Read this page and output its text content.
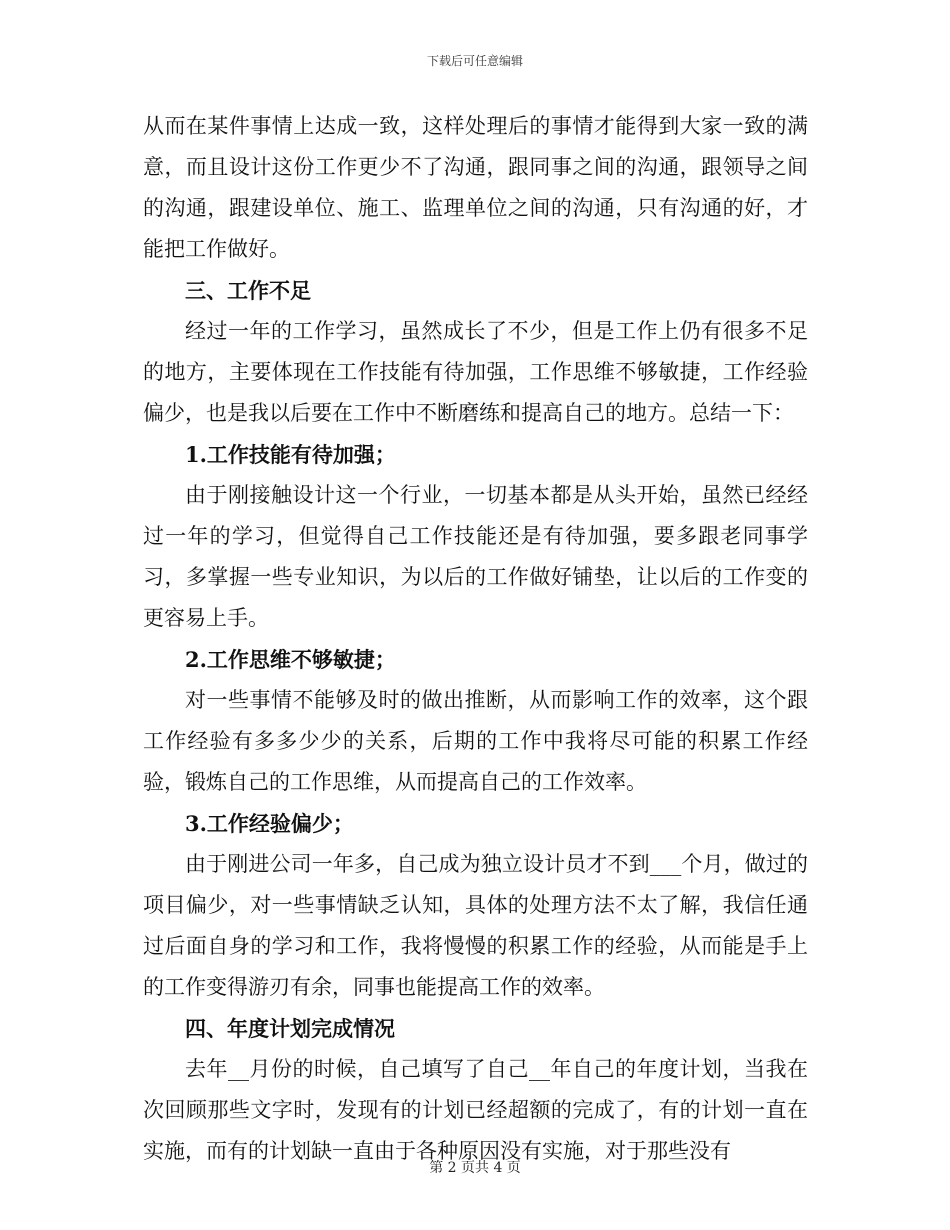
下载后可任意编辑

从而在某件事情上达成一致，这样处理后的事情才能得到大家一致的满意，而且设计这份工作更少不了沟通，跟同事之间的沟通，跟领导之间的沟通，跟建设单位、施工、监理单位之间的沟通，只有沟通的好，才能把工作做好。

三、工作不足

经过一年的工作学习，虽然成长了不少，但是工作上仍有很多不足的地方，主要体现在工作技能有待加强，工作思维不够敏捷，工作经验偏少，也是我以后要在工作中不断磨练和提高自己的地方。总结一下：

1.工作技能有待加强；

由于刚接触设计这一个行业，一切基本都是从头开始，虽然已经经过一年的学习，但觉得自己工作技能还是有待加强，要多跟老同事学习，多掌握一些专业知识，为以后的工作做好铺垫，让以后的工作变的更容易上手。

2.工作思维不够敏捷；

对一些事情不能够及时的做出推断，从而影响工作的效率，这个跟工作经验有多多少少的关系，后期的工作中我将尽可能的积累工作经验，锻炼自己的工作思维，从而提高自己的工作效率。

3.工作经验偏少；

由于刚进公司一年多，自己成为独立设计员才不到___个月，做过的项目偏少，对一些事情缺乏认知，具体的处理方法不太了解，我信任通过后面自身的学习和工作，我将慢慢的积累工作的经验，从而能是手上的工作变得游刃有余，同事也能提高工作的效率。

四、年度计划完成情况

去年__月份的时候，自己填写了自己__年自己的年度计划，当我在次回顾那些文字时，发现有的计划已经超额的完成了，有的计划一直在实施，而有的计划缺一直由于各种原因没有实施，对于那些没有

第 2 页共 4 页
